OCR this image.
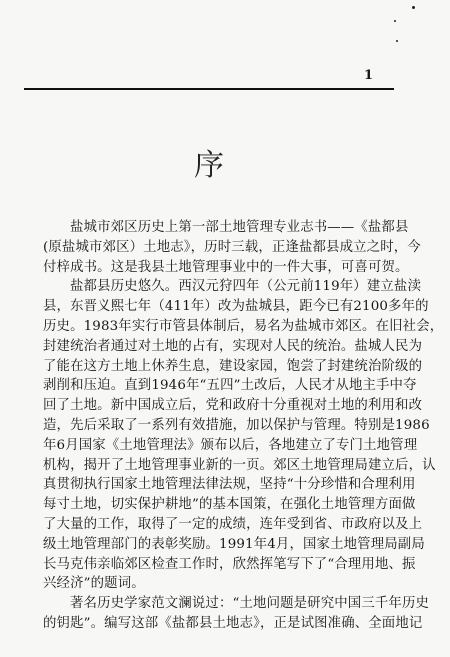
1
序
盐城市郊区历史上第一部土地管理专业志书——《盐都县
(原盐城市郊区）土地志》，历时三载，正逢盐都县成立之时，今
付梓成书。这是我县土地管理事业中的一件大事，可喜可贺。
盐都县历史悠久。西汉元狩四年（公元前119年）建立盐渎
县，东晋义熙七年（411年）改为盐城县，距今已有2100多年的
历史。1983年实行市管县体制后，易名为盐城市郊区。在旧社会，
封建统治者通过对土地的占有，实现对人民的统治。盐城人民为
了能在这方土地上休养生息，建设家园，饱尝了封建统治阶级的
剥削和压迫。直到1946年“五四”土改后，人民才从地主手中夺
回了土地。新中国成立后，党和政府十分重视对土地的利用和改
造，先后采取了一系列有效措施，加以保护与管理。特别是1986
年6月国家《土地管理法》颁布以后，各地建立了专门土地管理
机构，揭开了土地管理事业新的一页。郊区土地管理局建立后，认
真贯彻执行国家土地管理法律法规，坚持“十分珍惜和合理利用
每寸土地，切实保护耕地”的基本国策，在强化土地管理方面做
了大量的工作，取得了一定的成绩，连年受到省、市政府以及上
级土地管理部门的表彰奖励。1991年4月，国家土地管理局副局
长马克伟亲临郊区检查工作时，欣然挥笔写下了“合理用地、振
兴经济”的题词。
著名历史学家范文澜说过：“土地问题是研究中国三千年历史
的钥匙”。编写这部《盐都县土地志》，正是试图准确、全面地记
